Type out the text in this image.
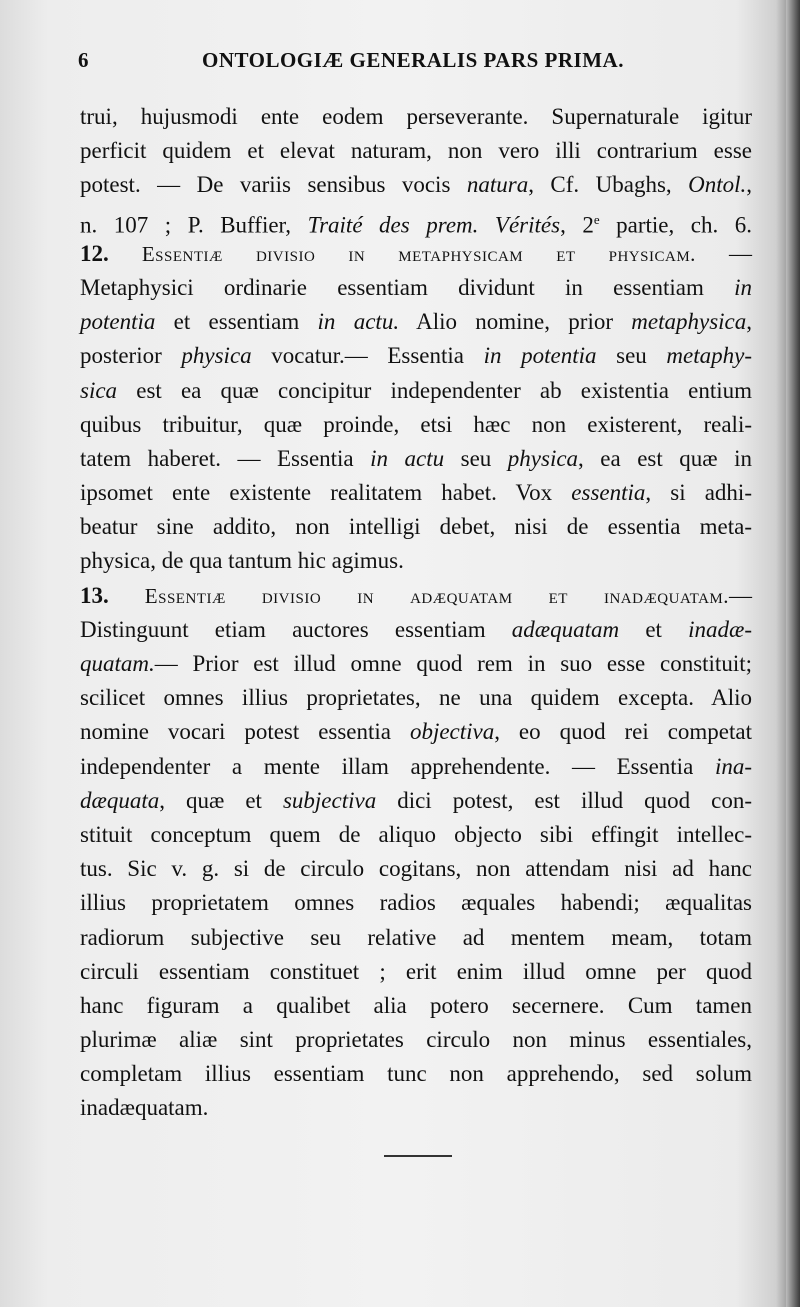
6	ONTOLOGIÆ GENERALIS PARS PRIMA.
trui, hujusmodi ente eodem perseverante. Supernaturale igitur
perficit quidem et elevat naturam, non vero illi contrarium esse
potest. — De variis sensibus vocis natura, Cf. Ubaghs, Ontol.,
n. 107 ; P. Buffier, Traité des prem. Vérités, 2e partie, ch. 6.
12. Essentiæ divisio in metaphysicam et physicam. —
Metaphysici ordinarie essentiam dividunt in essentiam in
potentia et essentiam in actu. Alio nomine, prior metaphysica,
posterior physica vocatur.— Essentia in potentia seu metaphy-
sica est ea quæ concipitur independenter ab existentia entium
quibus tribuitur, quæ proinde, etsi hæc non existerent, reali-
tatem haberet. — Essentia in actu seu physica, ea est quæ in
ipsomet ente existente realitatem habet. Vox essentia, si adhi-
beatur sine addito, non intelligi debet, nisi de essentia meta-
physica, de qua tantum hic agimus.
13. Essentiæ divisio in adæquatam et inadæquatam.—
Distinguunt etiam auctores essentiam adæquatam et inadæ-
quatam.— Prior est illud omne quod rem in suo esse constituit;
scilicet omnes illius proprietates, ne una quidem excepta. Alio
nomine vocari potest essentia objectiva, eo quod rei competat
independenter a mente illam apprehendente. — Essentia ina-
dæquata, quæ et subjectiva dici potest, est illud quod con-
stituit conceptum quem de aliquo objecto sibi effingit intellec-
tus. Sic v. g. si de circulo cogitans, non attendam nisi ad hanc
illius proprietatem omnes radios æquales habendi; æqualitas
radiorum subjective seu relative ad mentem meam, totam
circuli essentiam constituet ; erit enim illud omne per quod
hanc figuram a qualibet alia potero secernere. Cum tamen
plurimæ aliæ sint proprietates circulo non minus essentiales,
completam illius essentiam tunc non apprehendo, sed solum
inadæquatam.
